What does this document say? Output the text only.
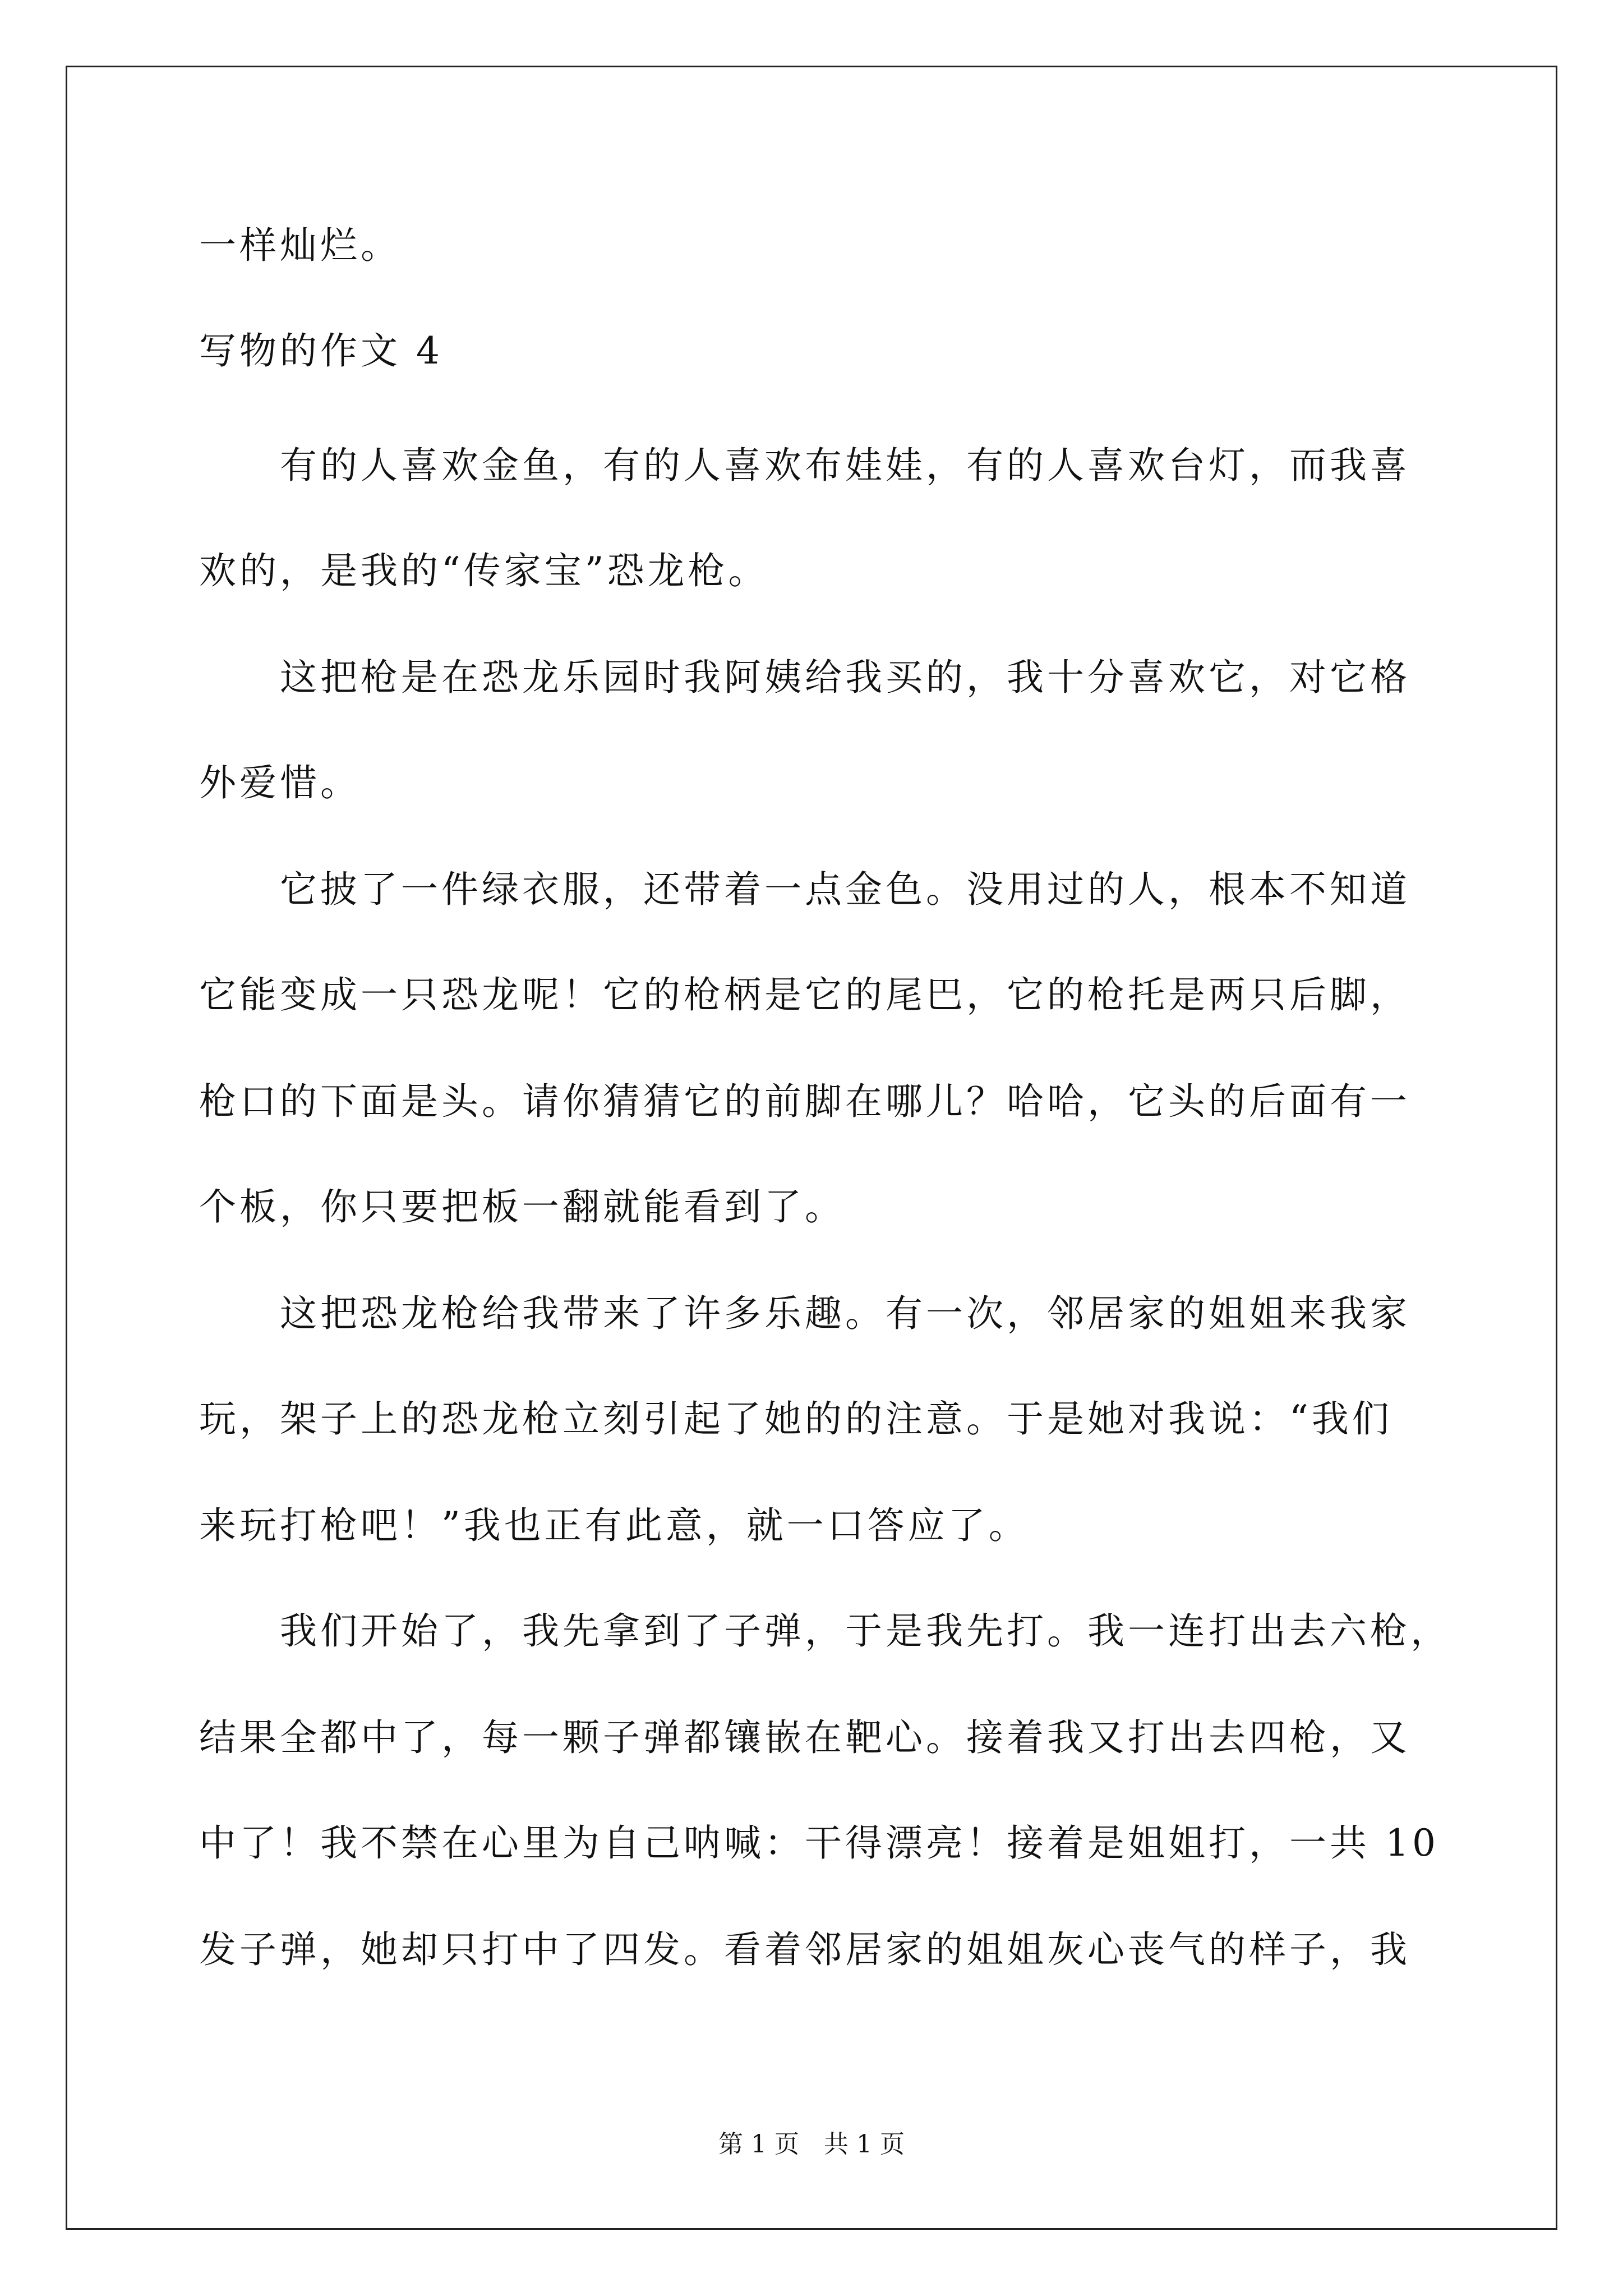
一样灿烂。
写物的作文 4
　　有的人喜欢金鱼，有的人喜欢布娃娃，有的人喜欢台灯，而我喜
欢的，是我的“传家宝”恐龙枪。
　　这把枪是在恐龙乐园时我阿姨给我买的，我十分喜欢它，对它格
外爱惜。
　　它披了一件绿衣服，还带着一点金色。没用过的人，根本不知道
它能变成一只恐龙呢！它的枪柄是它的尾巴，它的枪托是两只后脚，
枪口的下面是头。请你猜猜它的前脚在哪儿？哈哈，它头的后面有一
个板，你只要把板一翻就能看到了。
　　这把恐龙枪给我带来了许多乐趣。有一次，邻居家的姐姐来我家
玩，架子上的恐龙枪立刻引起了她的的注意。于是她对我说：“我们
来玩打枪吧！”我也正有此意，就一口答应了。
　　我们开始了，我先拿到了子弹，于是我先打。我一连打出去六枪，
结果全都中了，每一颗子弹都镶嵌在靶心。接着我又打出去四枪，又
中了！我不禁在心里为自己呐喊：干得漂亮！接着是姐姐打，一共 10
发子弹，她却只打中了四发。看着邻居家的姐姐灰心丧气的样子，我
第 1 页　共 1 页
